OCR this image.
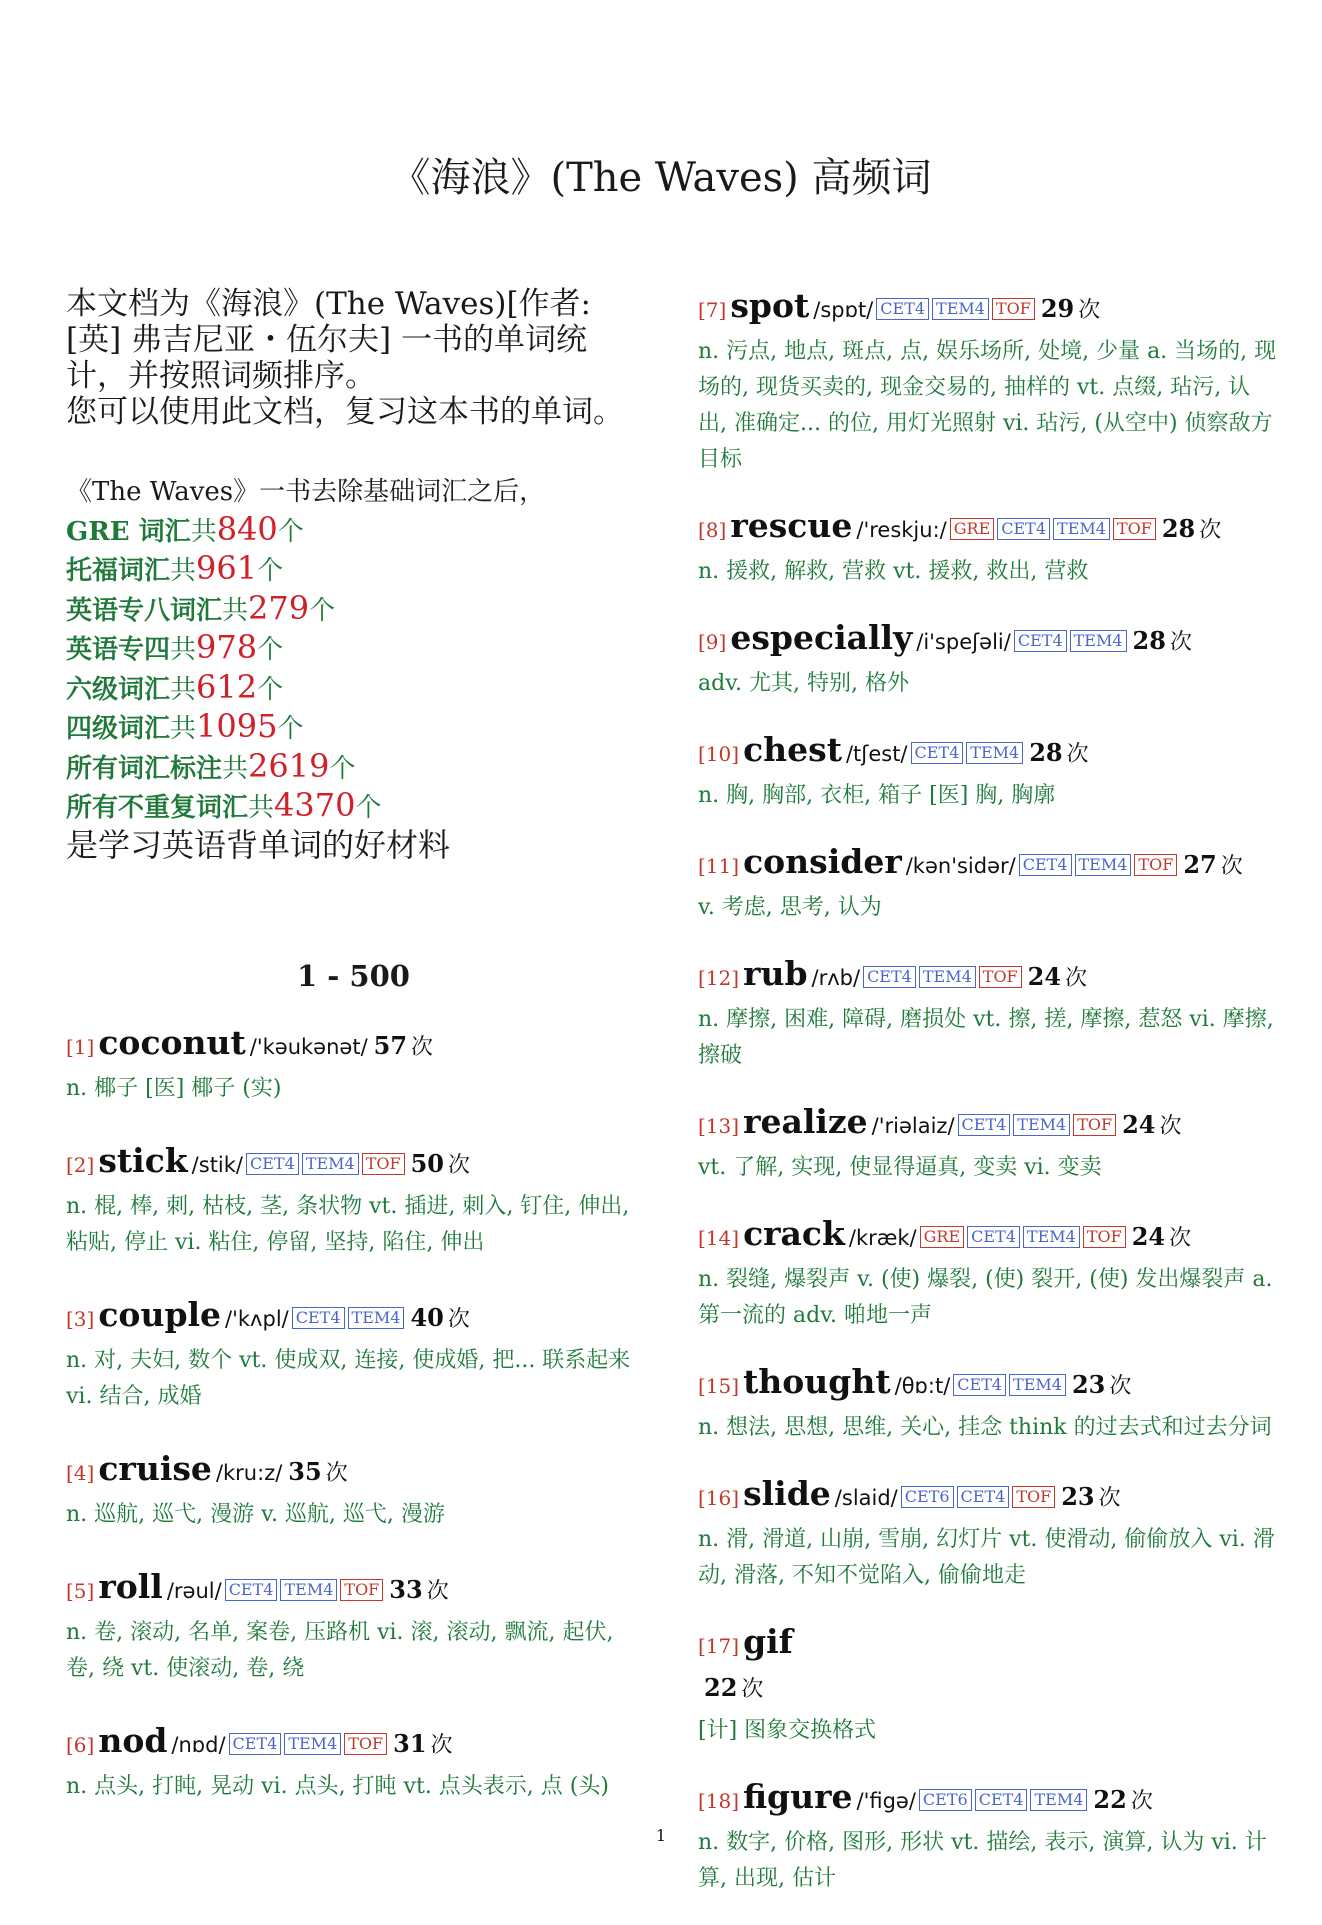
《海浪》(The Waves) 高频词

本文档为《海浪》(The Waves)[作者: [英] 弗吉尼亚・伍尔夫] 一书的单词统计，并按照词频排序。
您可以使用此文档，复习这本书的单词。

《The Waves》一书去除基础词汇之后，
GRE 词汇共840个
托福词汇共961个
英语专八词汇共279个
英语专四共978个
六级词汇共612个
四级词汇共1095个
所有词汇标注共2619个
所有不重复词汇共4370个
是学习英语背单词的好材料
1 - 500
[1] coconut /'kəukənət/ 57 次
n. 椰子 [医] 椰子 (实)
[2] stick /stik/ CET4 TEM4 TOF 50 次
n. 棍, 棒, 刺, 枯枝, 茎, 条状物 vt. 插进, 刺入, 钉住, 伸出, 粘贴, 停止 vi. 粘住, 停留, 坚持, 陷住, 伸出
[3] couple /'kʌpl/ CET4 TEM4 40 次
n. 对, 夫妇, 数个 vt. 使成双, 连接, 使成婚, 把... 联系起来 vi. 结合, 成婚
[4] cruise /kru:z/ 35 次
n. 巡航, 巡弋, 漫游 v. 巡航, 巡弋, 漫游
[5] roll /rəul/ CET4 TEM4 TOF 33 次
n. 卷, 滚动, 名单, 案卷, 压路机 vi. 滚, 滚动, 飘流, 起伏, 卷, 绕 vt. 使滚动, 卷, 绕
[6] nod /nɒd/ CET4 TEM4 TOF 31 次
n. 点头, 打盹, 晃动 vi. 点头, 打盹 vt. 点头表示, 点 (头)
[7] spot /spɒt/ CET4 TEM4 TOF 29 次
n. 污点, 地点, 斑点, 点, 娱乐场所, 处境, 少量 a. 当场的, 现场的, 现货买卖的, 现金交易的, 抽样的 vt. 点缀, 玷污, 认出, 准确定... 的位, 用灯光照射 vi. 玷污, (从空中) 侦察敌方目标
[8] rescue /'reskju:/ GRE CET4 TEM4 TOF 28 次
n. 援救, 解救, 营救 vt. 援救, 救出, 营救
[9] especially /i'speʃəli/ CET4 TEM4 28 次
adv. 尤其, 特别, 格外
[10] chest /tʃest/ CET4 TEM4 28 次
n. 胸, 胸部, 衣柜, 箱子 [医] 胸, 胸廓
[11] consider /kən'sidər/ CET4 TEM4 TOF 27 次
v. 考虑, 思考, 认为
[12] rub /rʌb/ CET4 TEM4 TOF 24 次
n. 摩擦, 困难, 障碍, 磨损处 vt. 擦, 搓, 摩擦, 惹怒 vi. 摩擦, 擦破
[13] realize /'riəlaiz/ CET4 TEM4 TOF 24 次
vt. 了解, 实现, 使显得逼真, 变卖 vi. 变卖
[14] crack /kræk/ GRE CET4 TEM4 TOF 24 次
n. 裂缝, 爆裂声 v. (使) 爆裂, (使) 裂开, (使) 发出爆裂声 a. 第一流的 adv. 啪地一声
[15] thought /θɒ:t/ CET4 TEM4 23 次
n. 想法, 思想, 思维, 关心, 挂念 think 的过去式和过去分词
[16] slide /slaid/ CET6 CET4 TOF 23 次
n. 滑, 滑道, 山崩, 雪崩, 幻灯片 vt. 使滑动, 偷偷放入 vi. 滑动, 滑落, 不知不觉陷入, 偷偷地走
[17] gif
22 次
[计] 图象交换格式
[18] figure /'figə/ CET6 CET4 TEM4 22 次
n. 数字, 价格, 图形, 形状 vt. 描绘, 表示, 演算, 认为 vi. 计算, 出现, 估计
1
